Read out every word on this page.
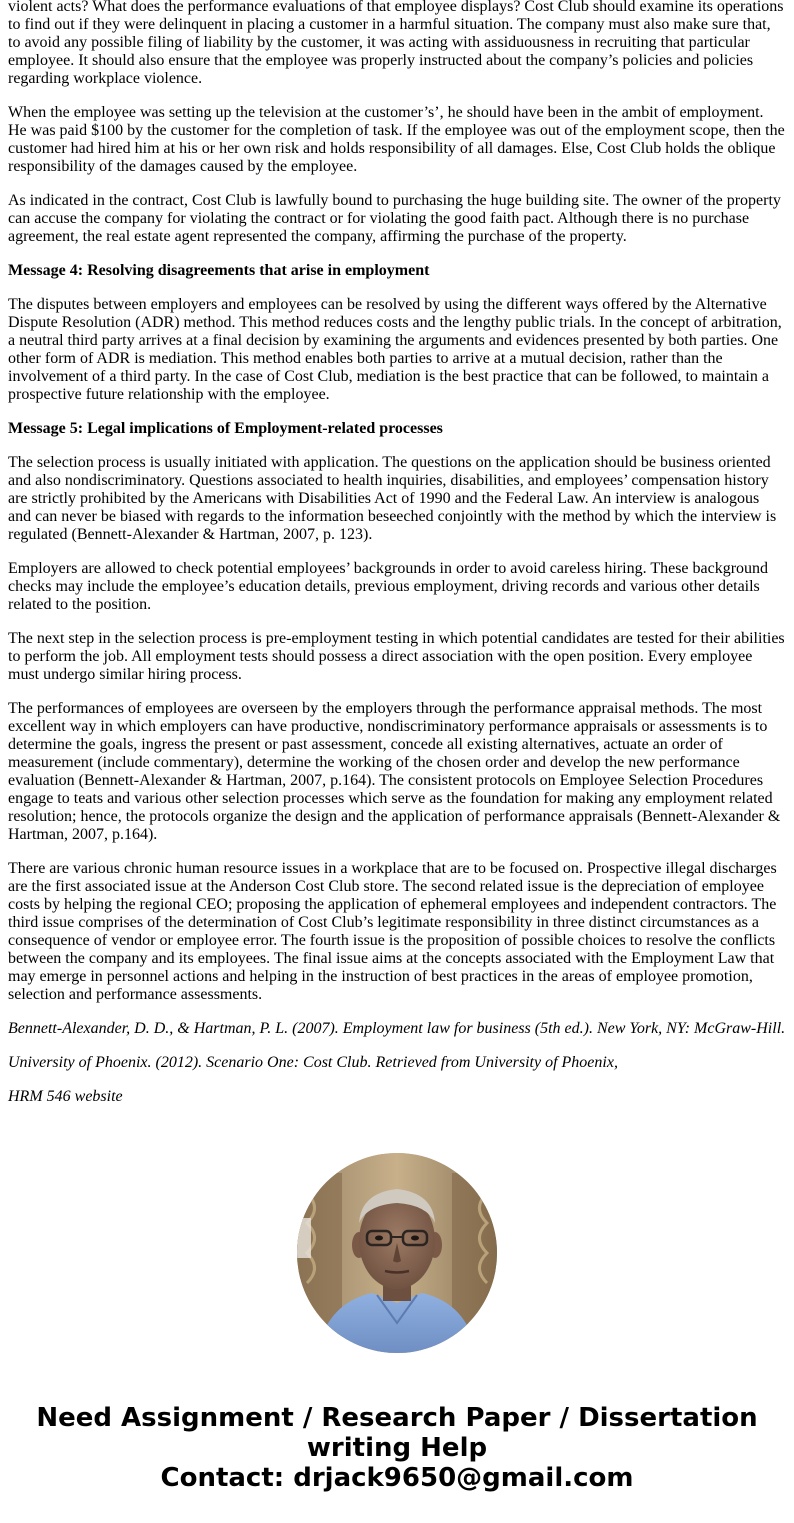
violent acts? What does the performance evaluations of that employee displays? Cost Club should examine its operations to find out if they were delinquent in placing a customer in a harmful situation. The company must also make sure that, to avoid any possible filing of liability by the customer, it was acting with assiduousness in recruiting that particular employee. It should also ensure that the employee was properly instructed about the company’s policies and policies regarding workplace violence.

When the employee was setting up the television at the customer’s’, he should have been in the ambit of employment. He was paid $100 by the customer for the completion of task. If the employee was out of the employment scope, then the customer had hired him at his or her own risk and holds responsibility of all damages. Else, Cost Club holds the oblique responsibility of the damages caused by the employee.

As indicated in the contract, Cost Club is lawfully bound to purchasing the huge building site. The owner of the property can accuse the company for violating the contract or for violating the good faith pact. Although there is no purchase agreement, the real estate agent represented the company, affirming the purchase of the property.

Message 4: Resolving disagreements that arise in employment

The disputes between employers and employees can be resolved by using the different ways offered by the Alternative Dispute Resolution (ADR) method. This method reduces costs and the lengthy public trials. In the concept of arbitration, a neutral third party arrives at a final decision by examining the arguments and evidences presented by both parties. One other form of ADR is mediation. This method enables both parties to arrive at a mutual decision, rather than the involvement of a third party. In the case of Cost Club, mediation is the best practice that can be followed, to maintain a prospective future relationship with the employee.

Message 5: Legal implications of Employment-related processes

The selection process is usually initiated with application. The questions on the application should be business oriented and also nondiscriminatory. Questions associated to health inquiries, disabilities, and employees’ compensation history are strictly prohibited by the Americans with Disabilities Act of 1990 and the Federal Law. An interview is analogous and can never be biased with regards to the information beseeched conjointly with the method by which the interview is regulated (Bennett-Alexander & Hartman, 2007, p. 123).

Employers are allowed to check potential employees’ backgrounds in order to avoid careless hiring. These background checks may include the employee’s education details, previous employment, driving records and various other details related to the position.

The next step in the selection process is pre-employment testing in which potential candidates are tested for their abilities to perform the job. All employment tests should possess a direct association with the open position. Every employee must undergo similar hiring process.

The performances of employees are overseen by the employers through the performance appraisal methods. The most excellent way in which employers can have productive, nondiscriminatory performance appraisals or assessments is to determine the goals, ingress the present or past assessment, concede all existing alternatives, actuate an order of measurement (include commentary), determine the working of the chosen order and develop the new performance evaluation (Bennett-Alexander & Hartman, 2007, p.164). The consistent protocols on Employee Selection Procedures engage to teats and various other selection processes which serve as the foundation for making any employment related resolution; hence, the protocols organize the design and the application of performance appraisals (Bennett-Alexander & Hartman, 2007, p.164).

There are various chronic human resource issues in a workplace that are to be focused on. Prospective illegal discharges are the first associated issue at the Anderson Cost Club store. The second related issue is the depreciation of employee costs by helping the regional CEO; proposing the application of ephemeral employees and independent contractors. The third issue comprises of the determination of Cost Club’s legitimate responsibility in three distinct circumstances as a consequence of vendor or employee error. The fourth issue is the proposition of possible choices to resolve the conflicts between the company and its employees. The final issue aims at the concepts associated with the Employment Law that may emerge in personnel actions and helping in the instruction of best practices in the areas of employee promotion, selection and performance assessments.

Bennett-Alexander, D. D., & Hartman, P. L. (2007). Employment law for business (5th ed.). New York, NY: McGraw-Hill.

University of Phoenix. (2012). Scenario One: Cost Club. Retrieved from University of Phoenix,

HRM 546 website

Need Assignment / Research Paper / Dissertation
writing Help
Contact: drjack9650@gmail.com
